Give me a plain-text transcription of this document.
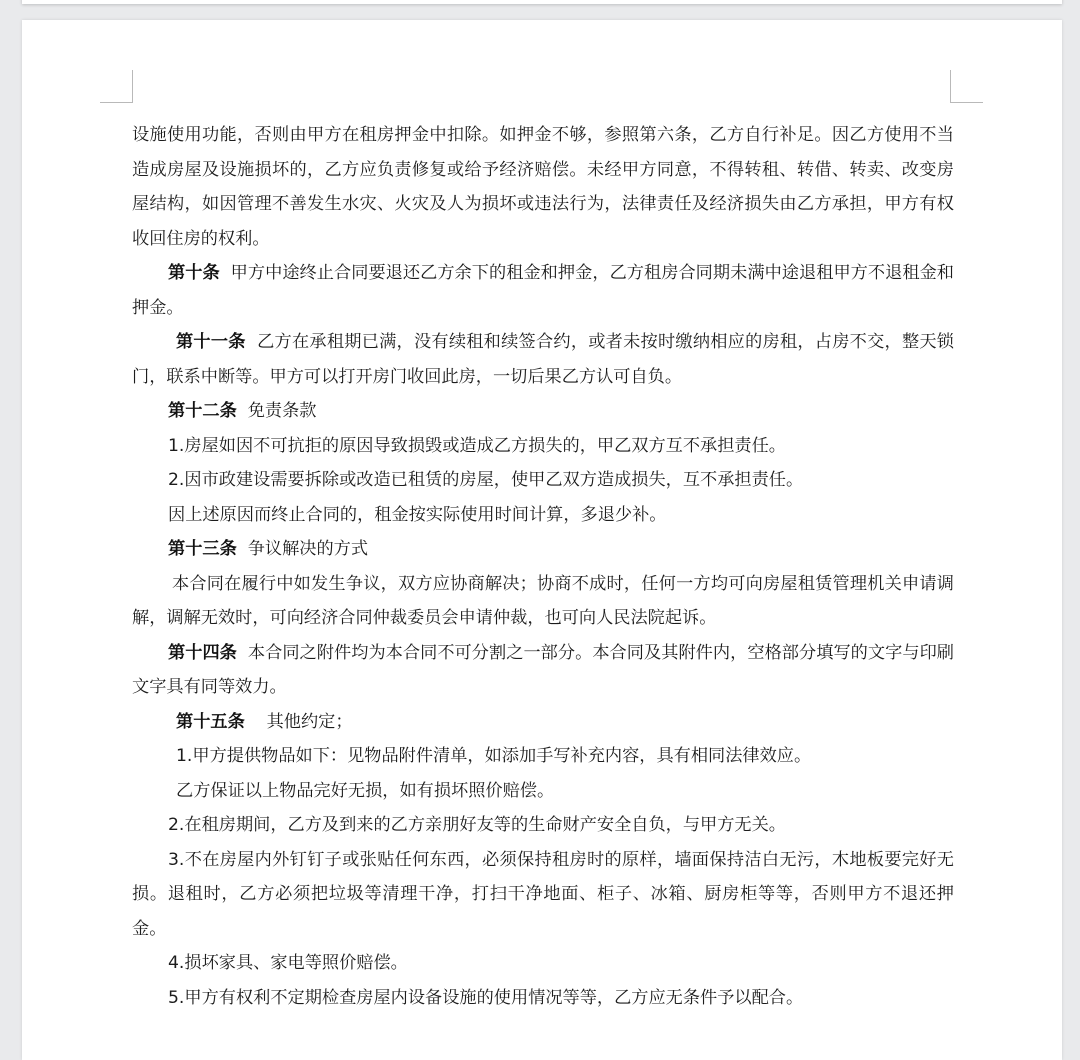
设施使用功能，否则由甲方在租房押金中扣除。如押金不够，参照第六条，乙方自行补足。因乙方使用不当造成房屋及设施损坏的，乙方应负责修复或给予经济赔偿。未经甲方同意，不得转租、转借、转卖、改变房屋结构，如因管理不善发生水灾、火灾及人为损坏或违法行为，法律责任及经济损失由乙方承担，甲方有权收回住房的权利。

第十条  甲方中途终止合同要退还乙方余下的租金和押金，乙方租房合同期未满中途退租甲方不退租金和押金。

第十一条  乙方在承租期已满，没有续租和续签合约，或者未按时缴纳相应的房租，占房不交，整天锁门，联系中断等。甲方可以打开房门收回此房，一切后果乙方认可自负。

第十二条  免责条款

1.房屋如因不可抗拒的原因导致损毁或造成乙方损失的，甲乙双方互不承担责任。

2.因市政建设需要拆除或改造已租赁的房屋，使甲乙双方造成损失，互不承担责任。

因上述原因而终止合同的，租金按实际使用时间计算，多退少补。

第十三条  争议解决的方式

本合同在履行中如发生争议，双方应协商解决；协商不成时，任何一方均可向房屋租赁管理机关申请调解，调解无效时，可向经济合同仲裁委员会申请仲裁，也可向人民法院起诉。

第十四条  本合同之附件均为本合同不可分割之一部分。本合同及其附件内，空格部分填写的文字与印刷文字具有同等效力。

第十五条    其他约定；

1.甲方提供物品如下：见物品附件清单，如添加手写补充内容，具有相同法律效应。

乙方保证以上物品完好无损，如有损坏照价赔偿。

2.在租房期间，乙方及到来的乙方亲朋好友等的生命财产安全自负，与甲方无关。

3.不在房屋内外钉钉子或张贴任何东西，必须保持租房时的原样，墙面保持洁白无污，木地板要完好无损。退租时，乙方必须把垃圾等清理干净，打扫干净地面、柜子、冰箱、厨房柜等等，否则甲方不退还押金。

4.损坏家具、家电等照价赔偿。

5.甲方有权利不定期检查房屋内设备设施的使用情况等等，乙方应无条件予以配合。
